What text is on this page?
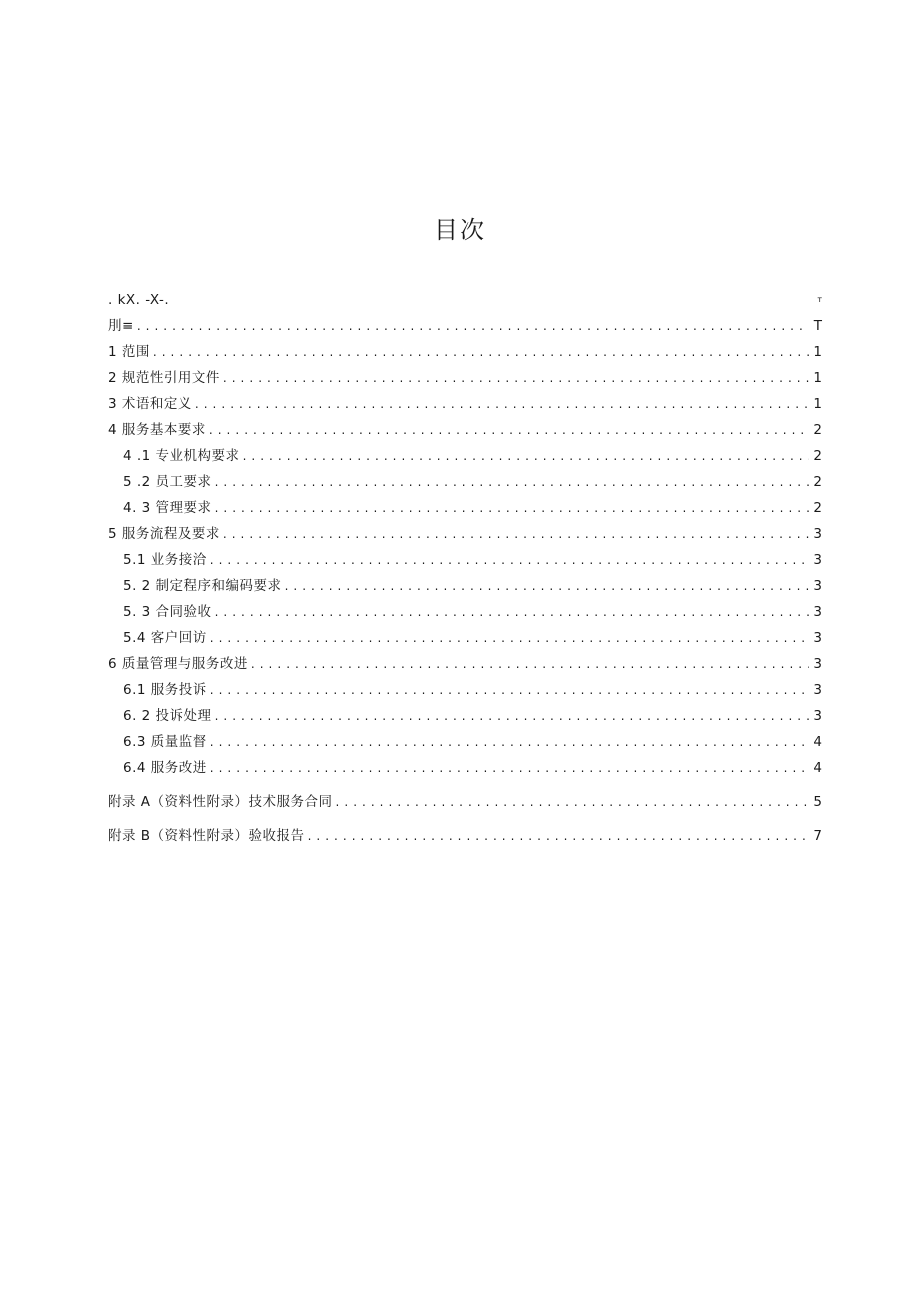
目次
. kX. -X-.	т
刖≡ . . .	T
1 范围 . . .	1
2 规范性引用文件 . . .	1
3 术语和定义 . . .	1
4 服务基本要求 . . .	2
4 .1 专业机构要求 . . .	2
5 .2 员工要求 . . .	2
4. 3 管理要求 . . .	2
5 服务流程及要求 . . .	3
5.1 业务接洽 . . .	3
5. 2 制定程序和编码要求 . . .	3
5. 3 合同验收 . . .	3
5.4 客户回访 . . .	3
6 质量管理与服务改进 . . .	3
6.1 服务投诉 . . .	3
6. 2 投诉处理 . . .	3
6.3 质量监督 . . .	4
6.4 服务改进 . . .	4
附录 A（资料性附录）技术服务合同 . . .	5
附录 B（资料性附录）验收报告 . . .	7
